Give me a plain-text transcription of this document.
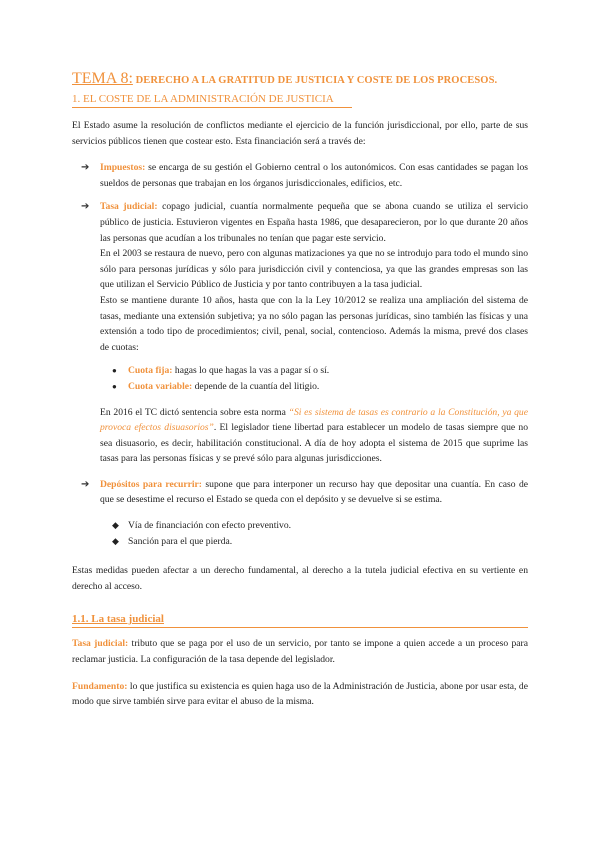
TEMA 8: DERECHO A LA GRATITUD DE JUSTICIA Y COSTE DE LOS PROCESOS.
1. EL COSTE DE LA ADMINISTRACIÓN DE JUSTICIA

El Estado asume la resolución de conflictos mediante el ejercicio de la función jurisdiccional, por ello, parte de sus servicios públicos tienen que costear esto. Esta financiación será a través de:

➔ Impuestos: se encarga de su gestión el Gobierno central o los autonómicos. Con esas cantidades se pagan los sueldos de personas que trabajan en los órganos jurisdiccionales, edificios, etc.

➔ Tasa judicial: copago judicial, cuantía normalmente pequeña que se abona cuando se utiliza el servicio público de justicia. Estuvieron vigentes en España hasta 1986, que desaparecieron, por lo que durante 20 años las personas que acudían a los tribunales no tenían que pagar este servicio.

En el 2003 se restaura de nuevo, pero con algunas matizaciones ya que no se introdujo para todo el mundo sino sólo para personas jurídicas y sólo para jurisdicción civil y contenciosa, ya que las grandes empresas son las que utilizan el Servicio Público de Justicia y por tanto contribuyen a la tasa judicial.

Esto se mantiene durante 10 años, hasta que con la la Ley 10/2012 se realiza una ampliación del sistema de tasas, mediante una extensión subjetiva; ya no sólo pagan las personas jurídicas, sino también las físicas y una extensión a todo tipo de procedimientos; civil, penal, social, contencioso. Además la misma, prevé dos clases de cuotas:

● Cuota fija: hagas lo que hagas la vas a pagar sí o sí.
● Cuota variable: depende de la cuantía del litigio.

En 2016 el TC dictó sentencia sobre esta norma “Si es sistema de tasas es contrario a la Constitución, ya que provoca efectos disuasorios”. El legislador tiene libertad para establecer un modelo de tasas siempre que no sea disuasorio, es decir, habilitación constitucional. A día de hoy adopta el sistema de 2015 que suprime las tasas para las personas físicas y se prevé sólo para algunas jurisdicciones.

➔ Depósitos para recurrir: supone que para interponer un recurso hay que depositar una cuantía. En caso de que se desestime el recurso el Estado se queda con el depósito y se devuelve si se estima.

◆ Vía de financiación con efecto preventivo.
◆ Sanción para el que pierda.

Estas medidas pueden afectar a un derecho fundamental, al derecho a la tutela judicial efectiva en su vertiente en derecho al acceso.

1.1. La tasa judicial

Tasa judicial: tributo que se paga por el uso de un servicio, por tanto se impone a quien accede a un proceso para reclamar justicia. La configuración de la tasa depende del legislador.

Fundamento: lo que justifica su existencia es quien haga uso de la Administración de Justicia, abone por usar esta, de modo que sirve también sirve para evitar el abuso de la misma.
